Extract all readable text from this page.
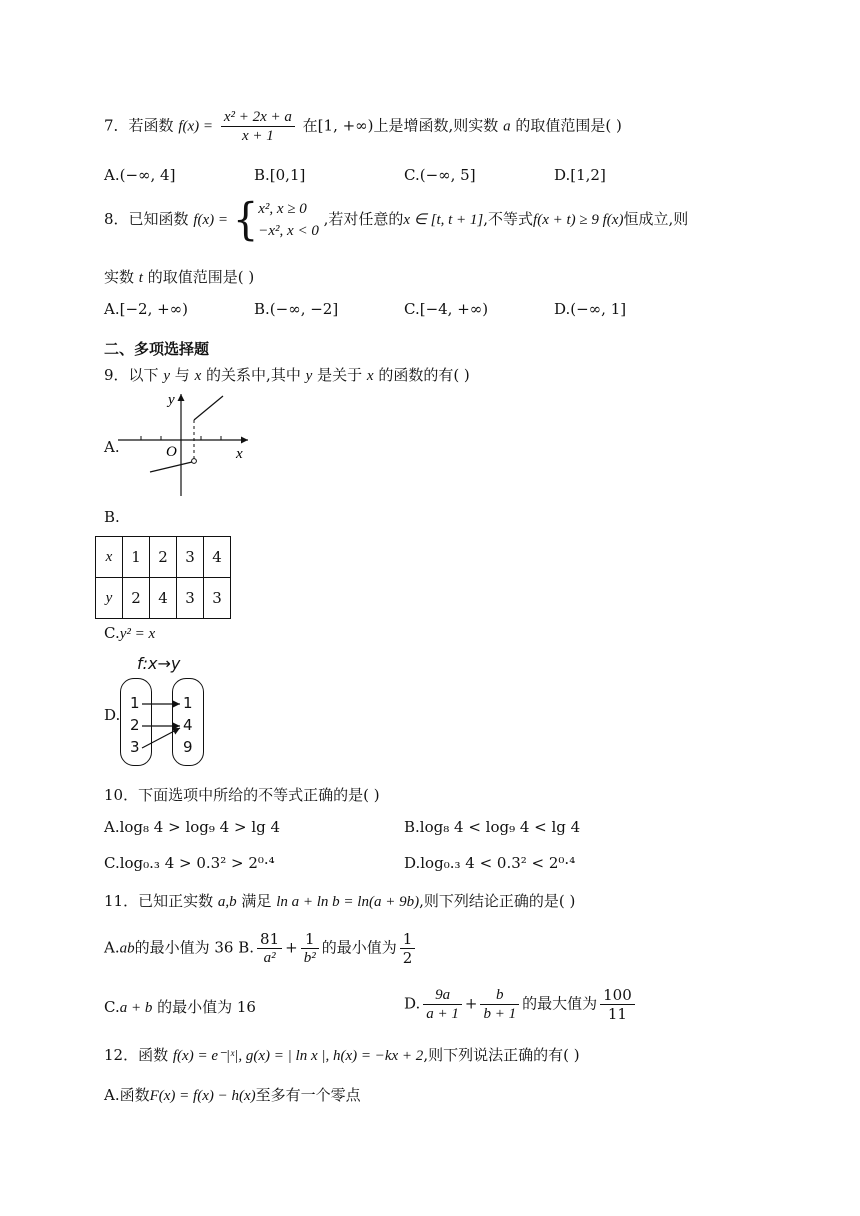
7．若函数 $f(x) = \frac{\text{x² + 2x + a}}{x + 1}$ 在[1, +∞)上是增函数,则实数 a 的取值范围是( )
A.(−∞, 4]	B.[0,1]	C.(−∞, 5]	D.[1,2]
8．已知函数 f(x) = { x², x ≥ 0
−x², x < 0
,若对任意的x ∈ [t, t + 1],不等式f(x + t) ≥ 9 f(x)恒成立,则
实数 t 的取值范围是( )
A.[−2, +∞)	B.(−∞, −2]	C.[−4, +∞)	D.(−∞, 1]
二、多项选择题
9．以下 y 与 x 的关系中,其中 y 是关于 x 的函数的有( )
A.
y
O	x
B.
x	1	2	3	4
y	2	4	3	3
C.y² = x
f:x→y
D.
1
2
3
1
4
9
10．下面选项中所给的不等式正确的是( )
A.log₈ 4 > log₉ 4 > lg 4	B.log₈ 4 < log₉ 4 < lg 4
C.log₀.₃ 4 > 0.3² > 2⁰·⁴	D.log₀.₃ 4 < 0.3² < 2⁰·⁴
11．已知正实数 a,b 满足 ln a + ln b = ln(a + 9b),则下列结论正确的是( )
A.ab的最小值为 36 B. $\frac{81}{\text{a²}} + \frac{1}{\text{b²}}$ 的最小值为 $\frac{1}{2}$
C.a + b 的最小值为 16	D. $\frac{9a}{a + 1} + \frac{b}{b + 1}$ 的最大值为 $\frac{100}{11}$
12．函数 f(x) = e⁻|ˣ|, g(x) = | ln x |, h(x) = −kx + 2,则下列说法正确的有( )
A.函数F(x) = f(x) − h(x)至多有一个零点
